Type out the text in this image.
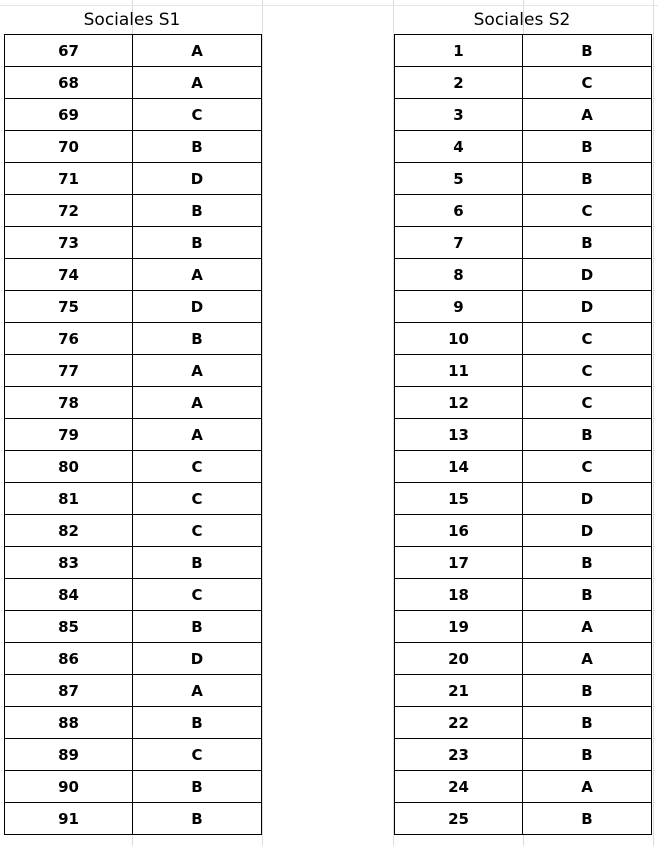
Sociales S1
67	A
68	A
69	C
70	B
71	D
72	B
73	B
74	A
75	D
76	B
77	A
78	A
79	A
80	C
81	C
82	C
83	B
84	C
85	B
86	D
87	A
88	B
89	C
90	B
91	B
Sociales S2
1	B
2	C
3	A
4	B
5	B
6	C
7	B
8	D
9	D
10	C
11	C
12	C
13	B
14	C
15	D
16	D
17	B
18	B
19	A
20	A
21	B
22	B
23	B
24	A
25	B
